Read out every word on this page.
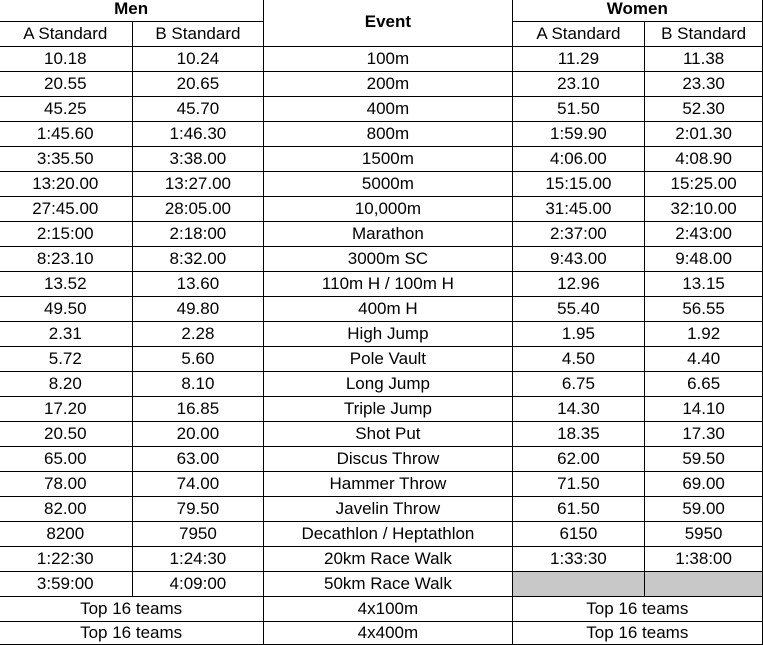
Men		Event	Women	
A Standard	B Standard		A Standard	B Standard
10.18	10.24	100m	11.29	11.38
20.55	20.65	200m	23.10	23.30
45.25	45.70	400m	51.50	52.30
1:45.60	1:46.30	800m	1:59.90	2:01.30
3:35.50	3:38.00	1500m	4:06.00	4:08.90
13:20.00	13:27.00	5000m	15:15.00	15:25.00
27:45.00	28:05.00	10,000m	31:45.00	32:10.00
2:15:00	2:18:00	Marathon	2:37:00	2:43:00
8:23.10	8:32.00	3000m SC	9:43.00	9:48.00
13.52	13.60	110m H / 100m H	12.96	13.15
49.50	49.80	400m H	55.40	56.55
2.31	2.28	High Jump	1.95	1.92
5.72	5.60	Pole Vault	4.50	4.40
8.20	8.10	Long Jump	6.75	6.65
17.20	16.85	Triple Jump	14.30	14.10
20.50	20.00	Shot Put	18.35	17.30
65.00	63.00	Discus Throw	62.00	59.50
78.00	74.00	Hammer Throw	71.50	69.00
82.00	79.50	Javelin Throw	61.50	59.00
8200	7950	Decathlon / Heptathlon	6150	5950
1:22:30	1:24:30	20km Race Walk	1:33:30	1:38:00
3:59:00	4:09:00	50km Race Walk		
Top 16 teams		4x100m	Top 16 teams	
Top 16 teams		4x400m	Top 16 teams	
